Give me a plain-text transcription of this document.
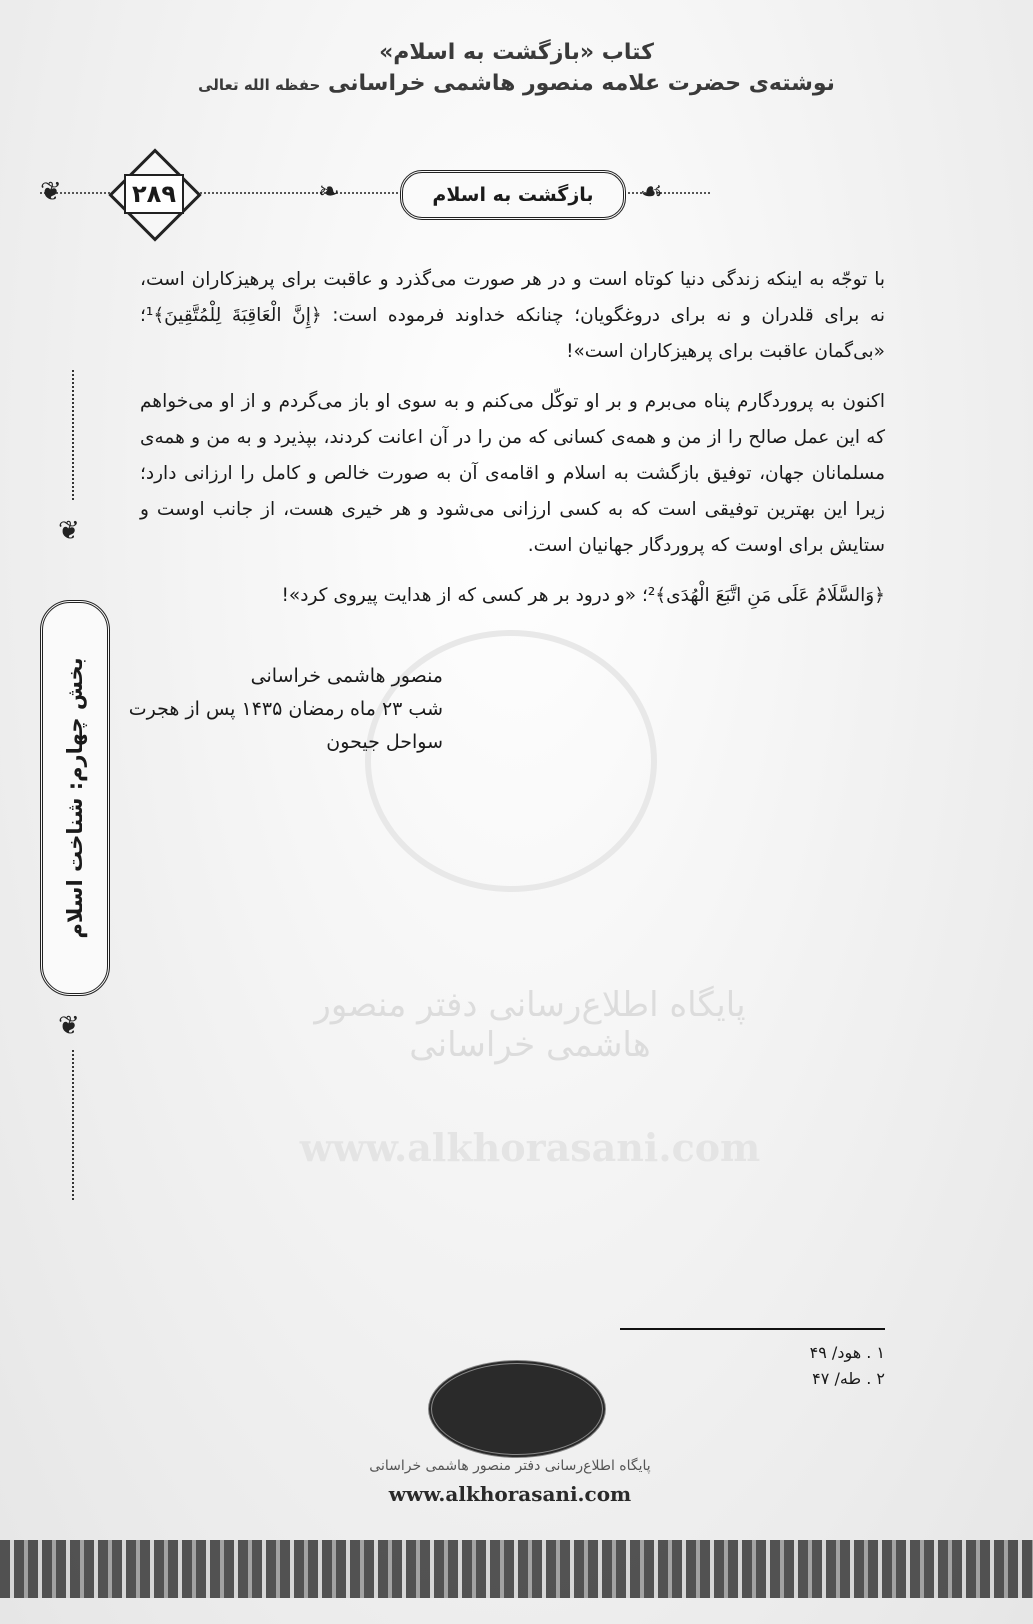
کتاب «بازگشت به اسلام»
نوشته‌ی حضرت علامه منصور هاشمی خراسانی حفظه الله تعالی
❦	❧	☙
۲۸۹	بازگشت به اسلام

با توجّه به اینکه زندگی دنیا کوتاه است و در هر صورت می‌گذرد و عاقبت برای پرهیزکاران است، نه برای قلدران و نه برای دروغگویان؛ چنانکه خداوند فرموده است: ﴿إِنَّ الْعَاقِبَةَ لِلْمُتَّقِينَ﴾¹؛ «بی‌گمان عاقبت برای پرهیزکاران است»!

اکنون به پروردگارم پناه می‌برم و بر او توکّل می‌کنم و به سوی او باز می‌گردم و از او می‌خواهم که این عمل صالح را از من و همه‌ی کسانی که من را در آن اعانت کردند، بپذیرد و به من و همه‌ی مسلمانان جهان، توفیق بازگشت به اسلام و اقامه‌ی آن به صورت خالص و کامل را ارزانی دارد؛ زیرا این بهترین توفیقی است که به کسی ارزانی می‌شود و هر خیری هست، از جانب اوست و ستایش برای اوست که پروردگار جهانیان است.

﴿وَالسَّلَامُ عَلَى مَنِ اتَّبَعَ الْهُدَى﴾²؛ «و درود بر هر کسی که از هدایت پیروی کرد»!

منصور هاشمی خراسانی
شب ۲۳ ماه رمضان ۱۴۳۵ پس از هجرت
سواحل جیحون
❦
بخش چهارم: شناخت اسلام
❦
پایگاه اطلاع‌رسانی دفتر منصور هاشمی خراسانی
www.alkhorasani.com
۱ . هود/ ۴۹
۲ . طه/ ۴۷
پایگاه اطلاع‌رسانی دفتر منصور هاشمی خراسانی
www.alkhorasani.com
